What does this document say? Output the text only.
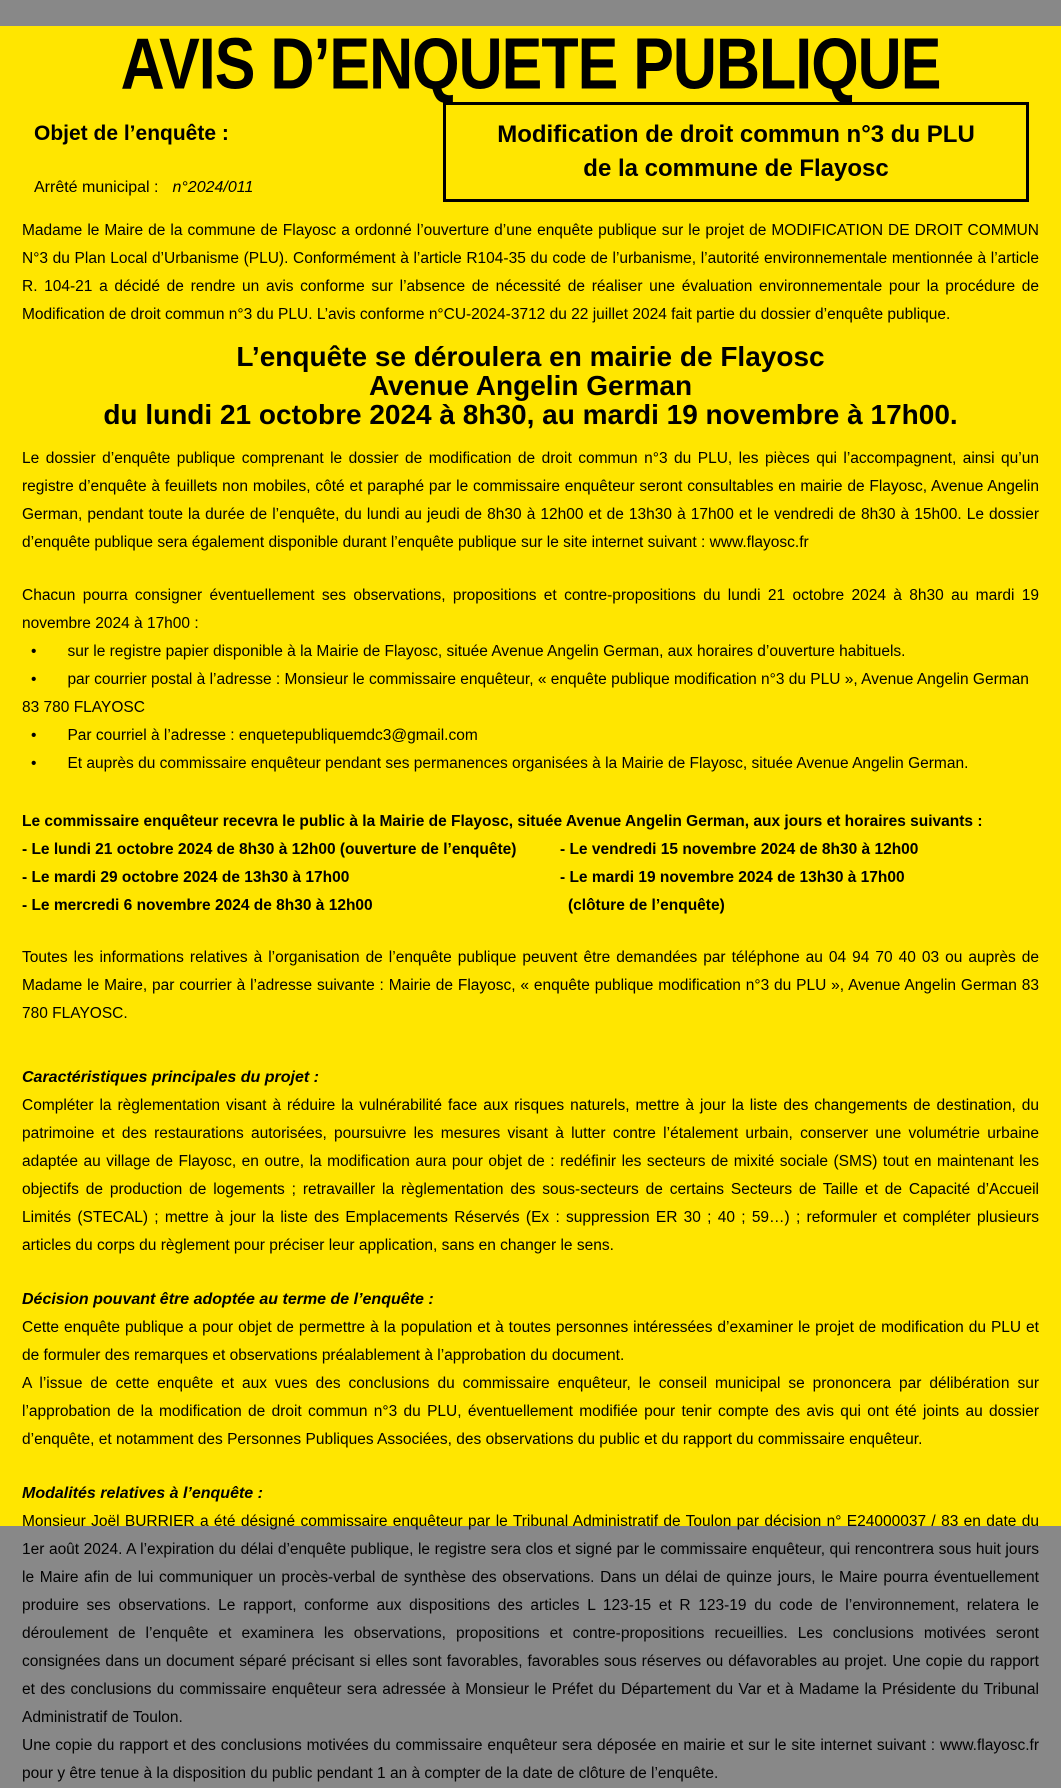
AVIS D’ENQUETE PUBLIQUE
Objet de l’enquête :
Arrêté municipal : n°2024/011
Modification de droit commun n°3 du PLU
de la commune de Flayosc

Madame le Maire de la commune de Flayosc a ordonné l’ouverture d’une enquête publique sur le projet de MODIFICATION DE DROIT COMMUN N°3 du Plan Local d’Urbanisme (PLU). Conformément à l’article R104-35 du code de l’urbanisme, l’autorité environnementale mentionnée à l’article R. 104-21 a décidé de rendre un avis conforme sur l’absence de nécessité de réaliser une évaluation environnementale pour la procédure de Modification de droit commun n°3 du PLU. L’avis conforme n°CU-2024-3712 du 22 juillet 2024 fait partie du dossier d’enquête publique.

L’enquête se déroulera en mairie de Flayosc
Avenue Angelin German
du lundi 21 octobre 2024 à 8h30, au mardi 19 novembre à 17h00.

Le dossier d’enquête publique comprenant le dossier de modification de droit commun n°3 du PLU, les pièces qui l’accompagnent, ainsi qu’un registre d’enquête à feuillets non mobiles, côté et paraphé par le commissaire enquêteur seront consultables en mairie de Flayosc, Avenue Angelin German, pendant toute la durée de l’enquête, du lundi au jeudi de 8h30 à 12h00 et de 13h30 à 17h00 et le vendredi de 8h30 à 15h00. Le dossier d’enquête publique sera également disponible durant l’enquête publique sur le site internet suivant : www.flayosc.fr

Chacun pourra consigner éventuellement ses observations, propositions et contre-propositions du lundi 21 octobre 2024 à 8h30 au mardi 19 novembre 2024 à 17h00 :

• sur le registre papier disponible à la Mairie de Flayosc, située Avenue Angelin German, aux horaires d’ouverture habituels.
• par courrier postal à l’adresse : Monsieur le commissaire enquêteur, « enquête publique modification n°3 du PLU », Avenue Angelin German 83 780 FLAYOSC
• Par courriel à l’adresse : enquetepubliquemdc3@gmail.com
• Et auprès du commissaire enquêteur pendant ses permanences organisées à la Mairie de Flayosc, située Avenue Angelin German.

Le commissaire enquêteur recevra le public à la Mairie de Flayosc, située Avenue Angelin German, aux jours et horaires suivants :

- Le lundi 21 octobre 2024 de 8h30 à 12h00 (ouverture de l’enquête)	- Le vendredi 15 novembre 2024 de 8h30 à 12h00
- Le mardi 29 octobre 2024 de 13h30 à 17h00	- Le mardi 19 novembre 2024 de 13h30 à 17h00
- Le mercredi 6 novembre 2024 de 8h30 à 12h00	(clôture de l’enquête)

Toutes les informations relatives à l’organisation de l’enquête publique peuvent être demandées par téléphone au 04 94 70 40 03 ou auprès de Madame le Maire, par courrier à l’adresse suivante : Mairie de Flayosc, « enquête publique modification n°3 du PLU », Avenue Angelin German 83 780 FLAYOSC.

Caractéristiques principales du projet :

Compléter la règlementation visant à réduire la vulnérabilité face aux risques naturels, mettre à jour la liste des changements de destination, du patrimoine et des restaurations autorisées, poursuivre les mesures visant à lutter contre l’étalement urbain, conserver une volumétrie urbaine adaptée au village de Flayosc, en outre, la modification aura pour objet de : redéfinir les secteurs de mixité sociale (SMS) tout en maintenant les objectifs de production de logements ; retravailler la règlementation des sous-secteurs de certains Secteurs de Taille et de Capacité d’Accueil Limités (STECAL) ; mettre à jour la liste des Emplacements Réservés (Ex : suppression ER 30 ; 40 ; 59…) ; reformuler et compléter plusieurs articles du corps du règlement pour préciser leur application, sans en changer le sens.

Décision pouvant être adoptée au terme de l’enquête :

Cette enquête publique a pour objet de permettre à la population et à toutes personnes intéressées d’examiner le projet de modification du PLU et de formuler des remarques et observations préalablement à l’approbation du document.

A l’issue de cette enquête et aux vues des conclusions du commissaire enquêteur, le conseil municipal se prononcera par délibération sur l’approbation de la modification de droit commun n°3 du PLU, éventuellement modifiée pour tenir compte des avis qui ont été joints au dossier d’enquête, et notamment des Personnes Publiques Associées, des observations du public et du rapport du commissaire enquêteur.

Modalités relatives à l’enquête :

Monsieur Joël BURRIER a été désigné commissaire enquêteur par le Tribunal Administratif de Toulon par décision n° E24000037 / 83 en date du 1er août 2024. A l’expiration du délai d’enquête publique, le registre sera clos et signé par le commissaire enquêteur, qui rencontrera sous huit jours le Maire afin de lui communiquer un procès-verbal de synthèse des observations. Dans un délai de quinze jours, le Maire pourra éventuellement produire ses observations. Le rapport, conforme aux dispositions des articles L 123-15 et R 123-19 du code de l’environnement, relatera le déroulement de l’enquête et examinera les observations, propositions et contre-propositions recueillies. Les conclusions motivées seront consignées dans un document séparé précisant si elles sont favorables, favorables sous réserves ou défavorables au projet. Une copie du rapport et des conclusions du commissaire enquêteur sera adressée à Monsieur le Préfet du Département du Var et à Madame la Présidente du Tribunal Administratif de Toulon.

Une copie du rapport et des conclusions motivées du commissaire enquêteur sera déposée en mairie et sur le site internet suivant : www.flayosc.fr pour y être tenue à la disposition du public pendant 1 an à compter de la date de clôture de l’enquête.
